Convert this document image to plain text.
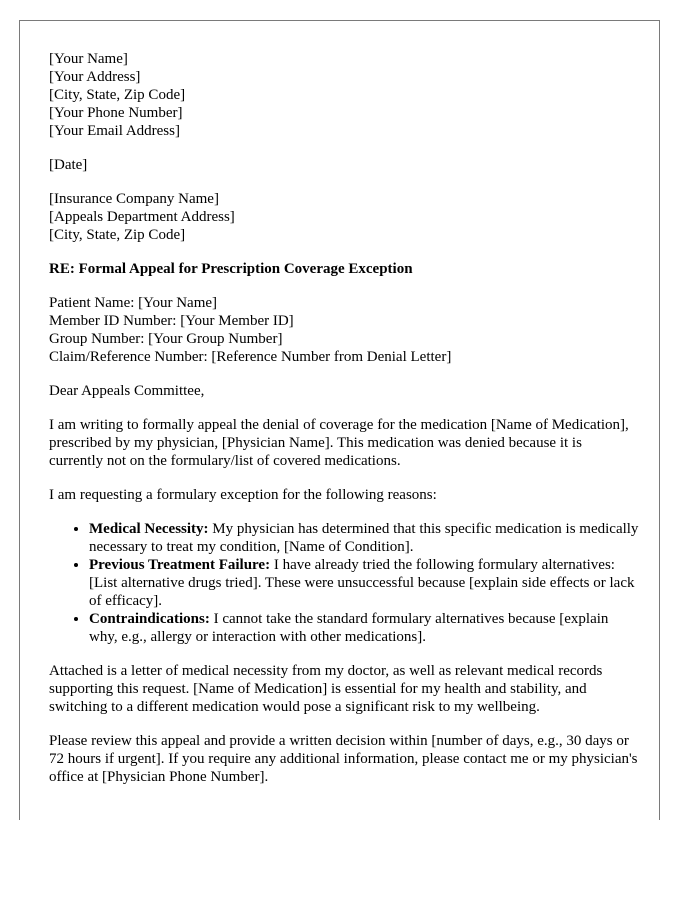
[Your Name]
[Your Address]
[City, State, Zip Code]
[Your Phone Number]
[Your Email Address]
[Date]
[Insurance Company Name]
[Appeals Department Address]
[City, State, Zip Code]
RE: Formal Appeal for Prescription Coverage Exception
Patient Name: [Your Name]
Member ID Number: [Your Member ID]
Group Number: [Your Group Number]
Claim/Reference Number: [Reference Number from Denial Letter]

Dear Appeals Committee,

I am writing to formally appeal the denial of coverage for the medication [Name of Medication], prescribed by my physician, [Physician Name]. This medication was denied because it is currently not on the formulary/list of covered medications.

I am requesting a formulary exception for the following reasons:

• Medical Necessity: My physician has determined that this specific medication is medically necessary to treat my condition, [Name of Condition].
• Previous Treatment Failure: I have already tried the following formulary alternatives: [List alternative drugs tried]. These were unsuccessful because [explain side effects or lack of efficacy].
• Contraindications: I cannot take the standard formulary alternatives because [explain why, e.g., allergy or interaction with other medications].

Attached is a letter of medical necessity from my doctor, as well as relevant medical records supporting this request. [Name of Medication] is essential for my health and stability, and switching to a different medication would pose a significant risk to my wellbeing.

Please review this appeal and provide a written decision within [number of days, e.g., 30 days or 72 hours if urgent]. If you require any additional information, please contact me or my physician's office at [Physician Phone Number].
